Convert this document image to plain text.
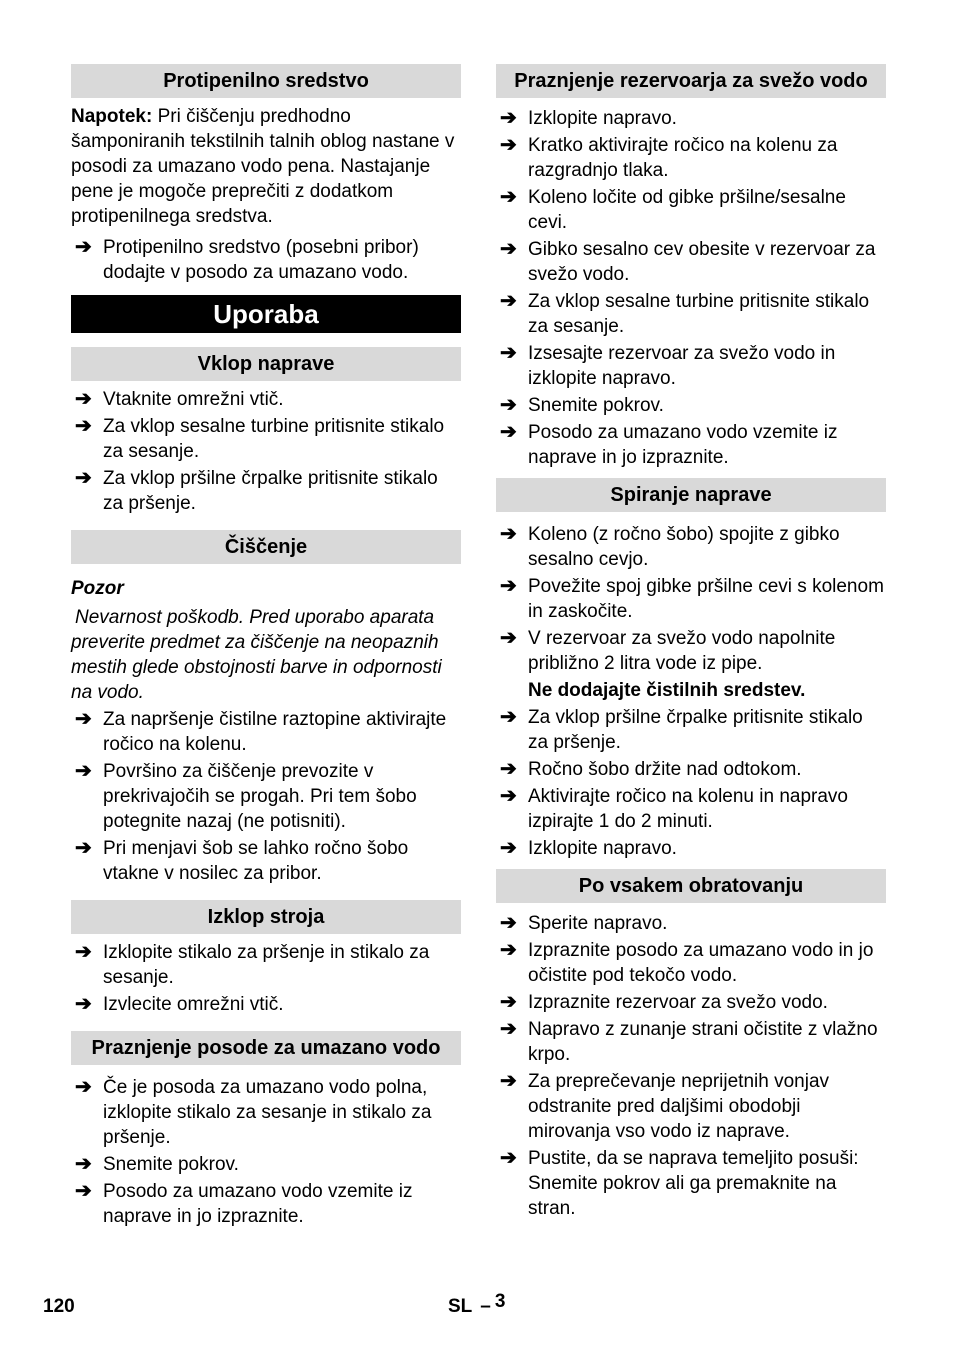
Protipenilno sredstvo

Napotek: Pri čiščenju predhodno šamponiranih tekstilnih talnih oblog nastane v posodi za umazano vodo pena. Nastajanje pene je mogoče preprečiti z dodatkom protipenilnega sredstva.

➔ Protipenilno sredstvo (posebni pribor) dodajte v posodo za umazano vodo.
Uporaba
Vklop naprave
➔ Vtaknite omrežni vtič.
➔ Za vklop sesalne turbine pritisnite stikalo za sesanje.
➔ Za vklop pršilne črpalke pritisnite stikalo za pršenje.
Čiščenje

Pozor

Nevarnost poškodb. Pred uporabo aparata preverite predmet za čiščenje na neopaznih mestih glede obstojnosti barve in odpornosti na vodo.

➔ Za napršenje čistilne raztopine aktivirajte ročico na kolenu.
➔ Površino za čiščenje prevozite v prekrivajočih se progah. Pri tem šobo potegnite nazaj (ne potisniti).
➔ Pri menjavi šob se lahko ročno šobo vtakne v nosilec za pribor.
Izklop stroja
➔ Izklopite stikalo za pršenje in stikalo za sesanje.
➔ Izvlecite omrežni vtič.
Praznjenje posode za umazano vodo
➔ Če je posoda za umazano vodo polna, izklopite stikalo za sesanje in stikalo za pršenje.
➔ Snemite pokrov.
➔ Posodo za umazano vodo vzemite iz naprave in jo izpraznite.
Praznjenje rezervoarja za svežo vodo
➔ Izklopite napravo.
➔ Kratko aktivirajte ročico na kolenu za razgradnjo tlaka.
➔ Koleno ločite od gibke pršilne/sesalne cevi.
➔ Gibko sesalno cev obesite v rezervoar za svežo vodo.
➔ Za vklop sesalne turbine pritisnite stikalo za sesanje.
➔ Izsesajte rezervoar za svežo vodo in izklopite napravo.
➔ Snemite pokrov.
➔ Posodo za umazano vodo vzemite iz naprave in jo izpraznite.
Spiranje naprave
➔ Koleno (z ročno šobo) spojite z gibko sesalno cevjo.
➔ Povežite spoj gibke pršilne cevi s kolenom in zaskočite.
➔ V rezervoar za svežo vodo napolnite približno 2 litra vode iz pipe.
Ne dodajajte čistilnih sredstev.
➔ Za vklop pršilne črpalke pritisnite stikalo za pršenje.
➔ Ročno šobo držite nad odtokom.
➔ Aktivirajte ročico na kolenu in napravo izpirajte 1 do 2 minuti.
➔ Izklopite napravo.
Po vsakem obratovanju
➔ Sperite napravo.
➔ Izpraznite posodo za umazano vodo in jo očistite pod tekočo vodo.
➔ Izpraznite rezervoar za svežo vodo.
➔ Napravo z zunanje strani očistite z vlažno krpo.
➔ Za preprečevanje neprijetnih vonjav odstranite pred daljšimi obodobji mirovanja vso vodo iz naprave.
➔ Pustite, da se naprava temeljito posuši: Snemite pokrov ali ga premaknite na stran.
120	SL – 3
